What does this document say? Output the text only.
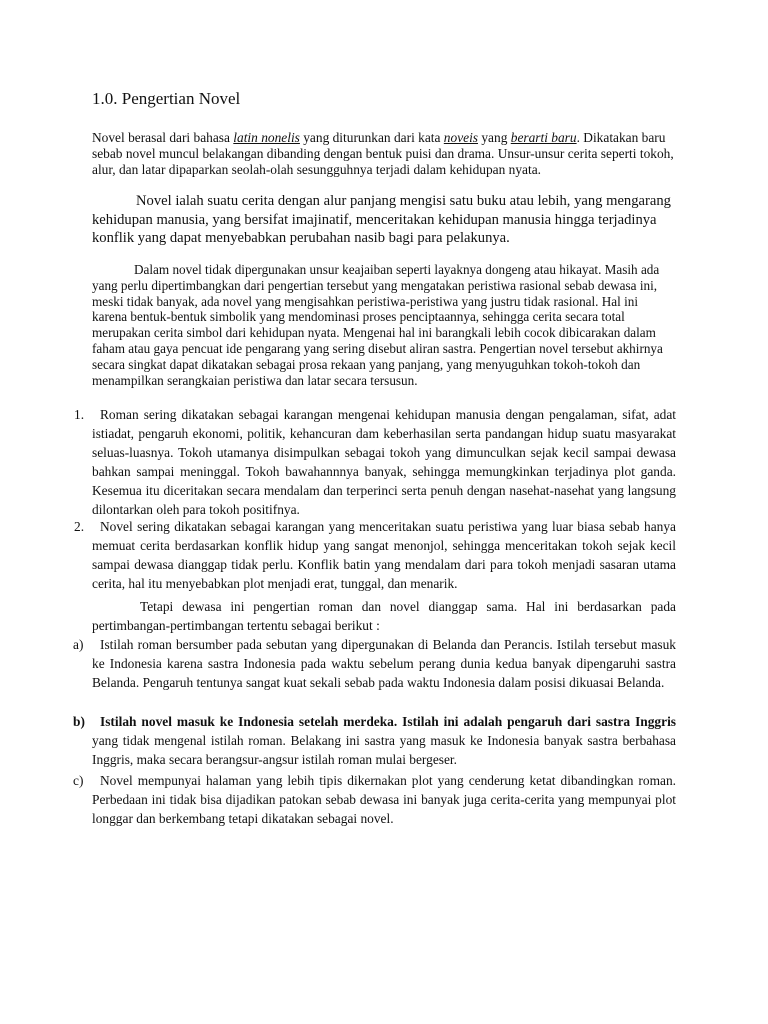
1.0. Pengertian Novel
Novel berasal dari bahasa latin nonelis yang diturunkan dari kata noveis yang berarti baru. Dikatakan baru sebab novel muncul belakangan dibanding dengan bentuk puisi dan drama. Unsur-unsur cerita seperti tokoh, alur, dan latar dipaparkan seolah-olah sesungguhnya terjadi dalam kehidupan nyata.
Novel ialah suatu cerita dengan alur panjang mengisi satu buku atau lebih, yang mengarang kehidupan manusia, yang bersifat imajinatif, menceritakan kehidupan manusia hingga terjadinya konflik yang dapat menyebabkan perubahan nasib bagi para pelakunya.
Dalam novel tidak dipergunakan unsur keajaiban seperti layaknya dongeng atau hikayat. Masih ada yang perlu dipertimbangkan dari pengertian tersebut yang mengatakan peristiwa rasional sebab dewasa ini, meski tidak banyak, ada novel yang mengisahkan peristiwa-peristiwa yang justru tidak rasional. Hal ini karena bentuk-bentuk simbolik yang mendominasi proses penciptaannya, sehingga cerita secara total merupakan cerita simbol dari kehidupan nyata. Mengenai hal ini barangkali lebih cocok dibicarakan dalam faham atau gaya pencuat ide pengarang yang sering disebut aliran sastra. Pengertian novel tersebut akhirnya secara singkat dapat dikatakan sebagai prosa rekaan yang panjang, yang menyuguhkan tokoh-tokoh dan menampilkan serangkaian peristiwa dan latar secara tersusun.
1. Roman sering dikatakan sebagai karangan mengenai kehidupan manusia dengan pengalaman, sifat, adat istiadat, pengaruh ekonomi, politik, kehancuran dam keberhasilan serta pandangan hidup suatu masyarakat seluas-luasnya. Tokoh utamanya disimpulkan sebagai tokoh yang dimunculkan sejak kecil sampai dewasa bahkan sampai meninggal. Tokoh bawahannnya banyak, sehingga memungkinkan terjadinya plot ganda. Kesemua itu diceritakan secara mendalam dan terperinci serta penuh dengan nasehat-nasehat yang langsung dilontarkan oleh para tokoh positifnya.
2. Novel sering dikatakan sebagai karangan yang menceritakan suatu peristiwa yang luar biasa sebab hanya memuat cerita berdasarkan konflik hidup yang sangat menonjol, sehingga menceritakan tokoh sejak kecil sampai dewasa dianggap tidak perlu. Konflik batin yang mendalam dari para tokoh menjadi sasaran utama cerita, hal itu menyebabkan plot menjadi erat, tunggal, dan menarik.
Tetapi dewasa ini pengertian roman dan novel dianggap sama. Hal ini berdasarkan pada pertimbangan-pertimbangan tertentu sebagai berikut :
a) Istilah roman bersumber pada sebutan yang dipergunakan di Belanda dan Perancis. Istilah tersebut masuk ke Indonesia karena sastra Indonesia pada waktu sebelum perang dunia kedua banyak dipengaruhi sastra Belanda. Pengaruh tentunya sangat kuat sekali sebab pada waktu Indonesia dalam posisi dikuasai Belanda.
b) Istilah novel masuk ke Indonesia setelah merdeka. Istilah ini adalah pengaruh dari sastra Inggris yang tidak mengenal istilah roman. Belakang ini sastra yang masuk ke Indonesia banyak sastra berbahasa Inggris, maka secara berangsur-angsur istilah roman mulai bergeser.
c) Novel mempunyai halaman yang lebih tipis dikernakan plot yang cenderung ketat dibandingkan roman. Perbedaan ini tidak bisa dijadikan patokan sebab dewasa ini banyak juga cerita-cerita yang mempunyai plot longgar dan berkembang tetapi dikatakan sebagai novel.
